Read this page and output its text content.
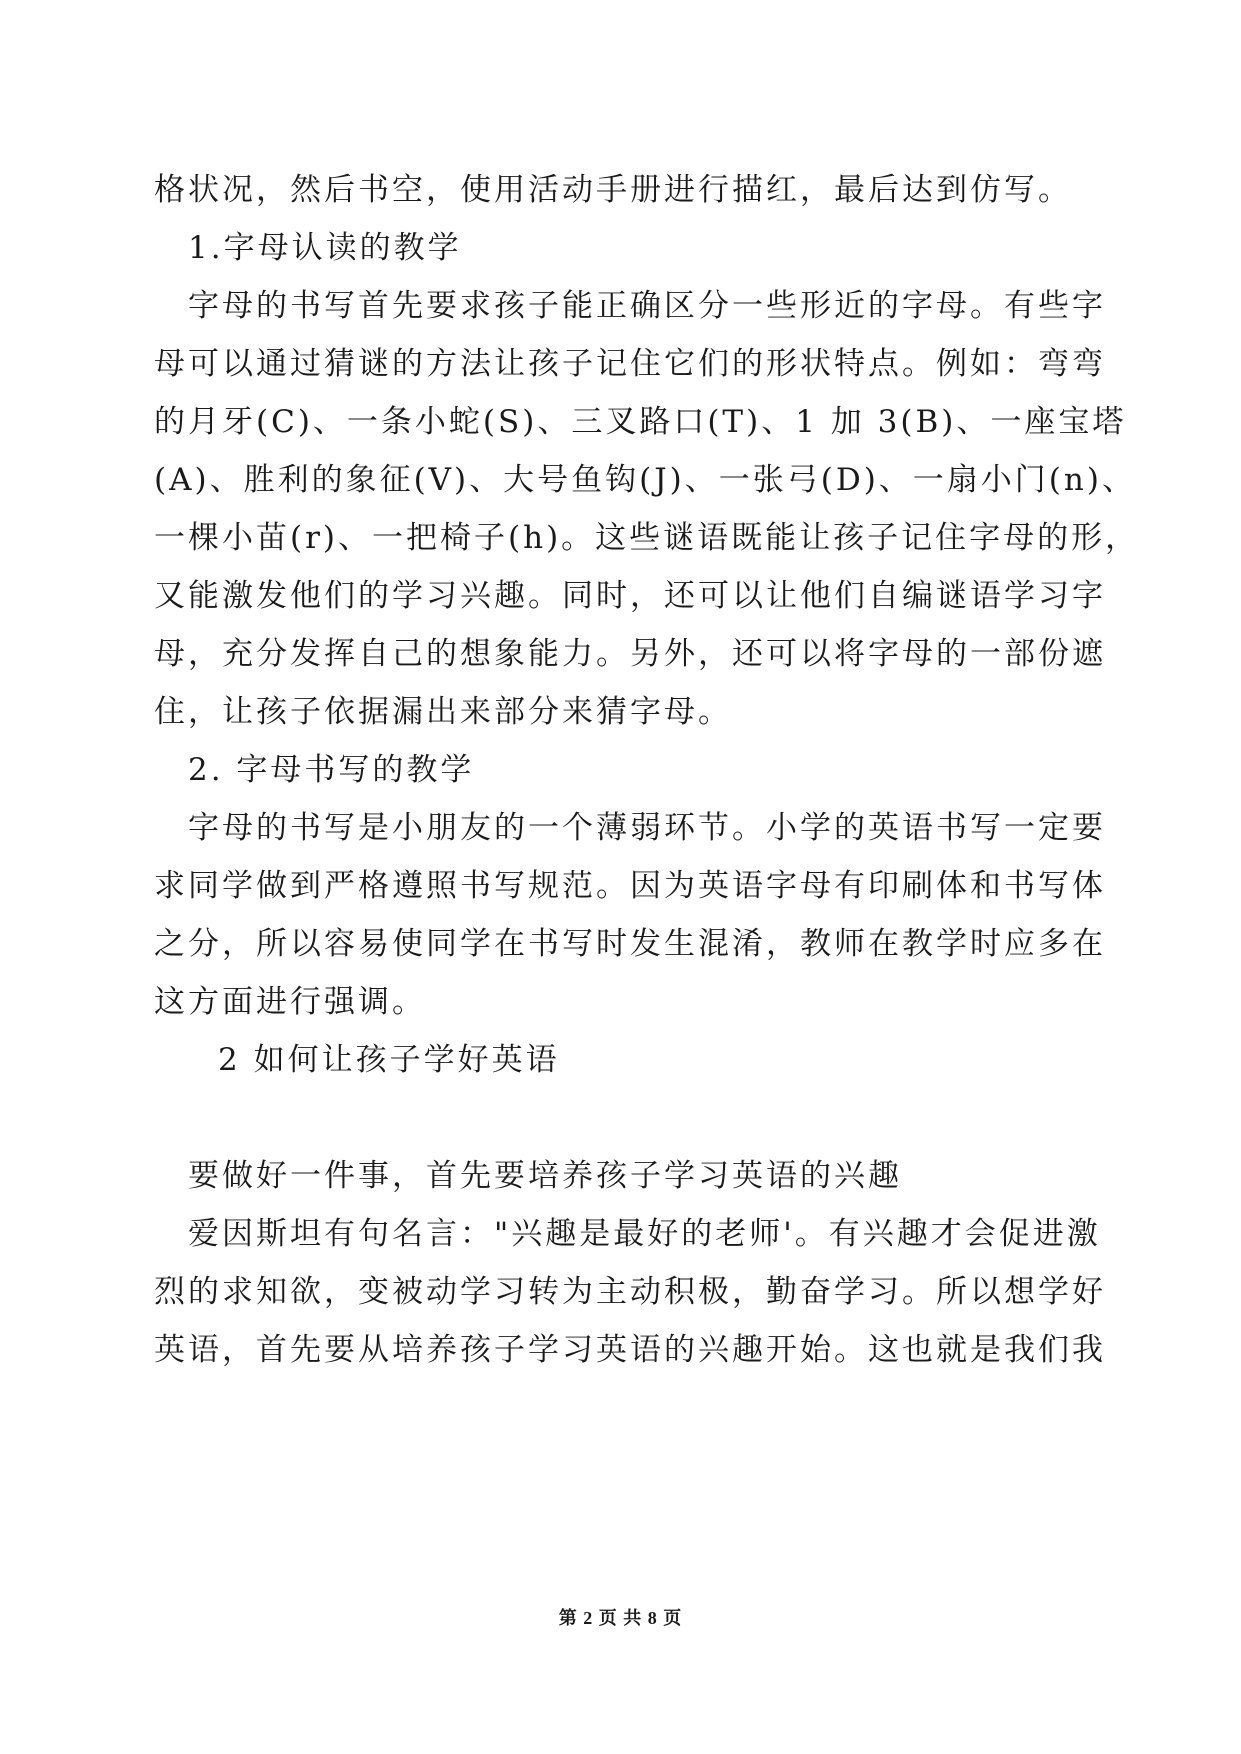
格状况，然后书空，使用活动手册进行描红，最后达到仿写。
1.字母认读的教学
字母的书写首先要求孩子能正确区分一些形近的字母。有些字
母可以通过猜谜的方法让孩子记住它们的形状特点。例如：弯弯
的月牙(C)、一条小蛇(S)、三叉路口(T)、1 加 3(B)、一座宝塔
(A)、胜利的象征(V)、大号鱼钩(J)、一张弓(D)、一扇小门(n)、
一棵小苗(r)、一把椅子(h)。这些谜语既能让孩子记住字母的形，
又能激发他们的学习兴趣。同时，还可以让他们自编谜语学习字
母，充分发挥自己的想象能力。另外，还可以将字母的一部份遮
住，让孩子依据漏出来部分来猜字母。
2. 字母书写的教学
字母的书写是小朋友的一个薄弱环节。小学的英语书写一定要
求同学做到严格遵照书写规范。因为英语字母有印刷体和书写体
之分，所以容易使同学在书写时发生混淆，教师在教学时应多在
这方面进行强调。
2 如何让孩子学好英语
要做好一件事，首先要培养孩子学习英语的兴趣
爱因斯坦有句名言："兴趣是最好的老师'。有兴趣才会促进激
烈的求知欲，变被动学习转为主动积极，勤奋学习。所以想学好
英语，首先要从培养孩子学习英语的兴趣开始。这也就是我们我
第 2 页 共 8 页
